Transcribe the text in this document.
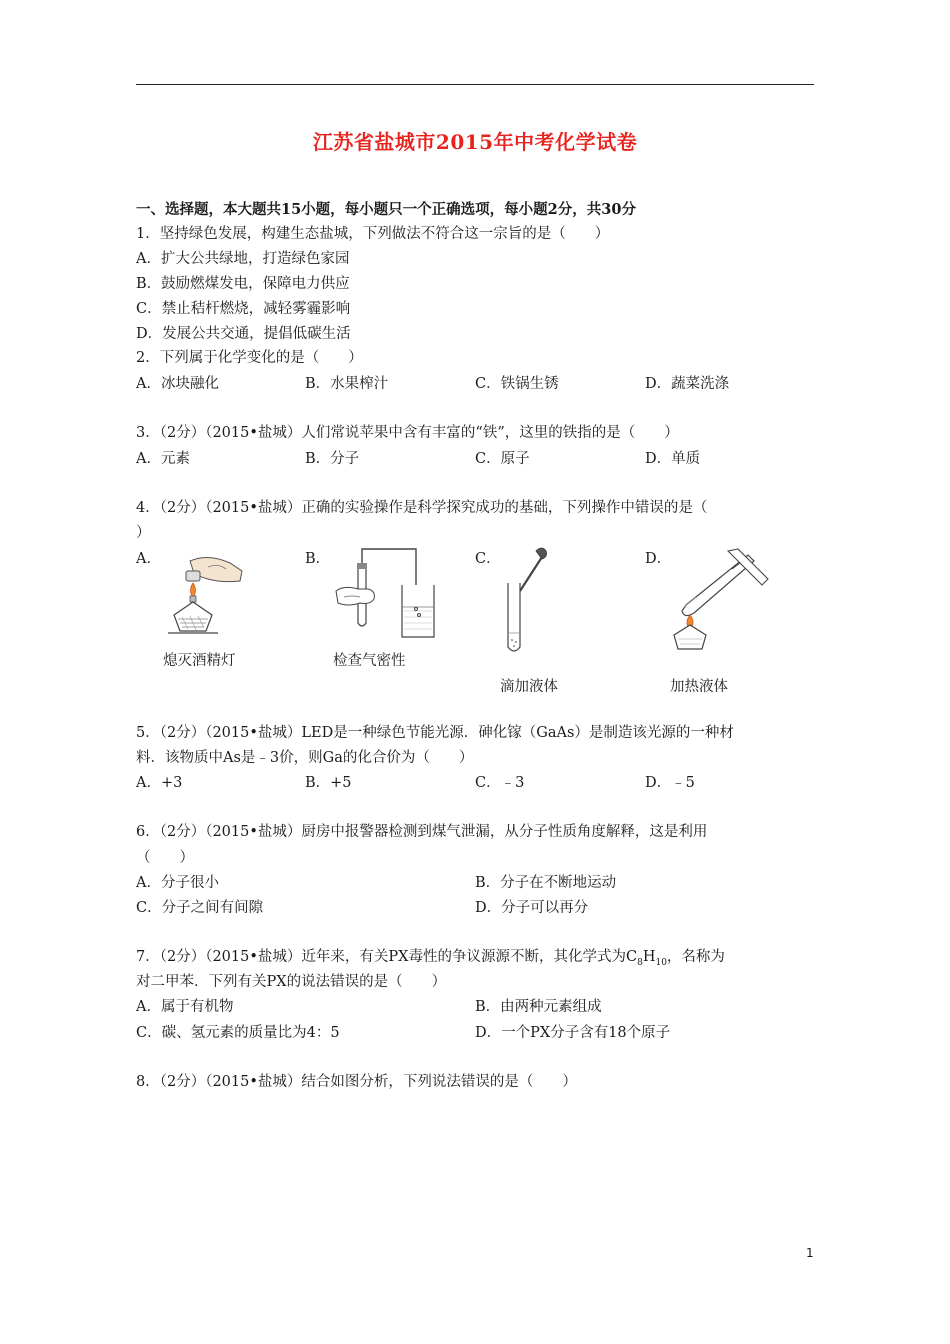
江苏省盐城市2015年中考化学试卷
一、选择题，本大题共15小题，每小题只一个正确选项，每小题2分，共30分
1．坚持绿色发展，构建生态盐城，下列做法不符合这一宗旨的是（　　）
A．扩大公共绿地，打造绿色家园
B．鼓励燃煤发电，保障电力供应
C．禁止秸杆燃烧，减轻雾霾影响
D．发展公共交通，提倡低碳生活
2．下列属于化学变化的是（　　）
A．冰块融化	B．水果榨汁	C．铁锅生锈	D．蔬菜洗涤
3．（2分）（2015•盐城）人们常说苹果中含有丰富的“铁”，这里的铁指的是（　　）
A．元素	B．分子	C．原子	D．单质
4．（2分）（2015•盐城）正确的实验操作是科学探究成功的基础，下列操作中错误的是（
）
A．	B．	C．	D．
熄灭酒精灯	检查气密性
滴加液体	加热液体
5．（2分）（2015•盐城）LED是一种绿色节能光源．砷化镓（GaAs）是制造该光源的一种材
料．该物质中As是﹣3价，则Ga的化合价为（　　）
A．+3	B．+5	C．﹣3	D．﹣5
6．（2分）（2015•盐城）厨房中报警器检测到煤气泄漏，从分子性质角度解释，这是利用
（　　）
A．分子很小	B．分子在不断地运动
C．分子之间有间隙	D．分子可以再分
7．（2分）（2015•盐城）近年来，有关PX毒性的争议源源不断，其化学式为$C_8H_{10}$，名称为
对二甲苯．下列有关PX的说法错误的是（　　）
A．属于有机物	B．由两种元素组成
C．碳、氢元素的质量比为4：5	D．一个PX分子含有18个原子
8．（2分）（2015•盐城）结合如图分析，下列说法错误的是（　　）
1
